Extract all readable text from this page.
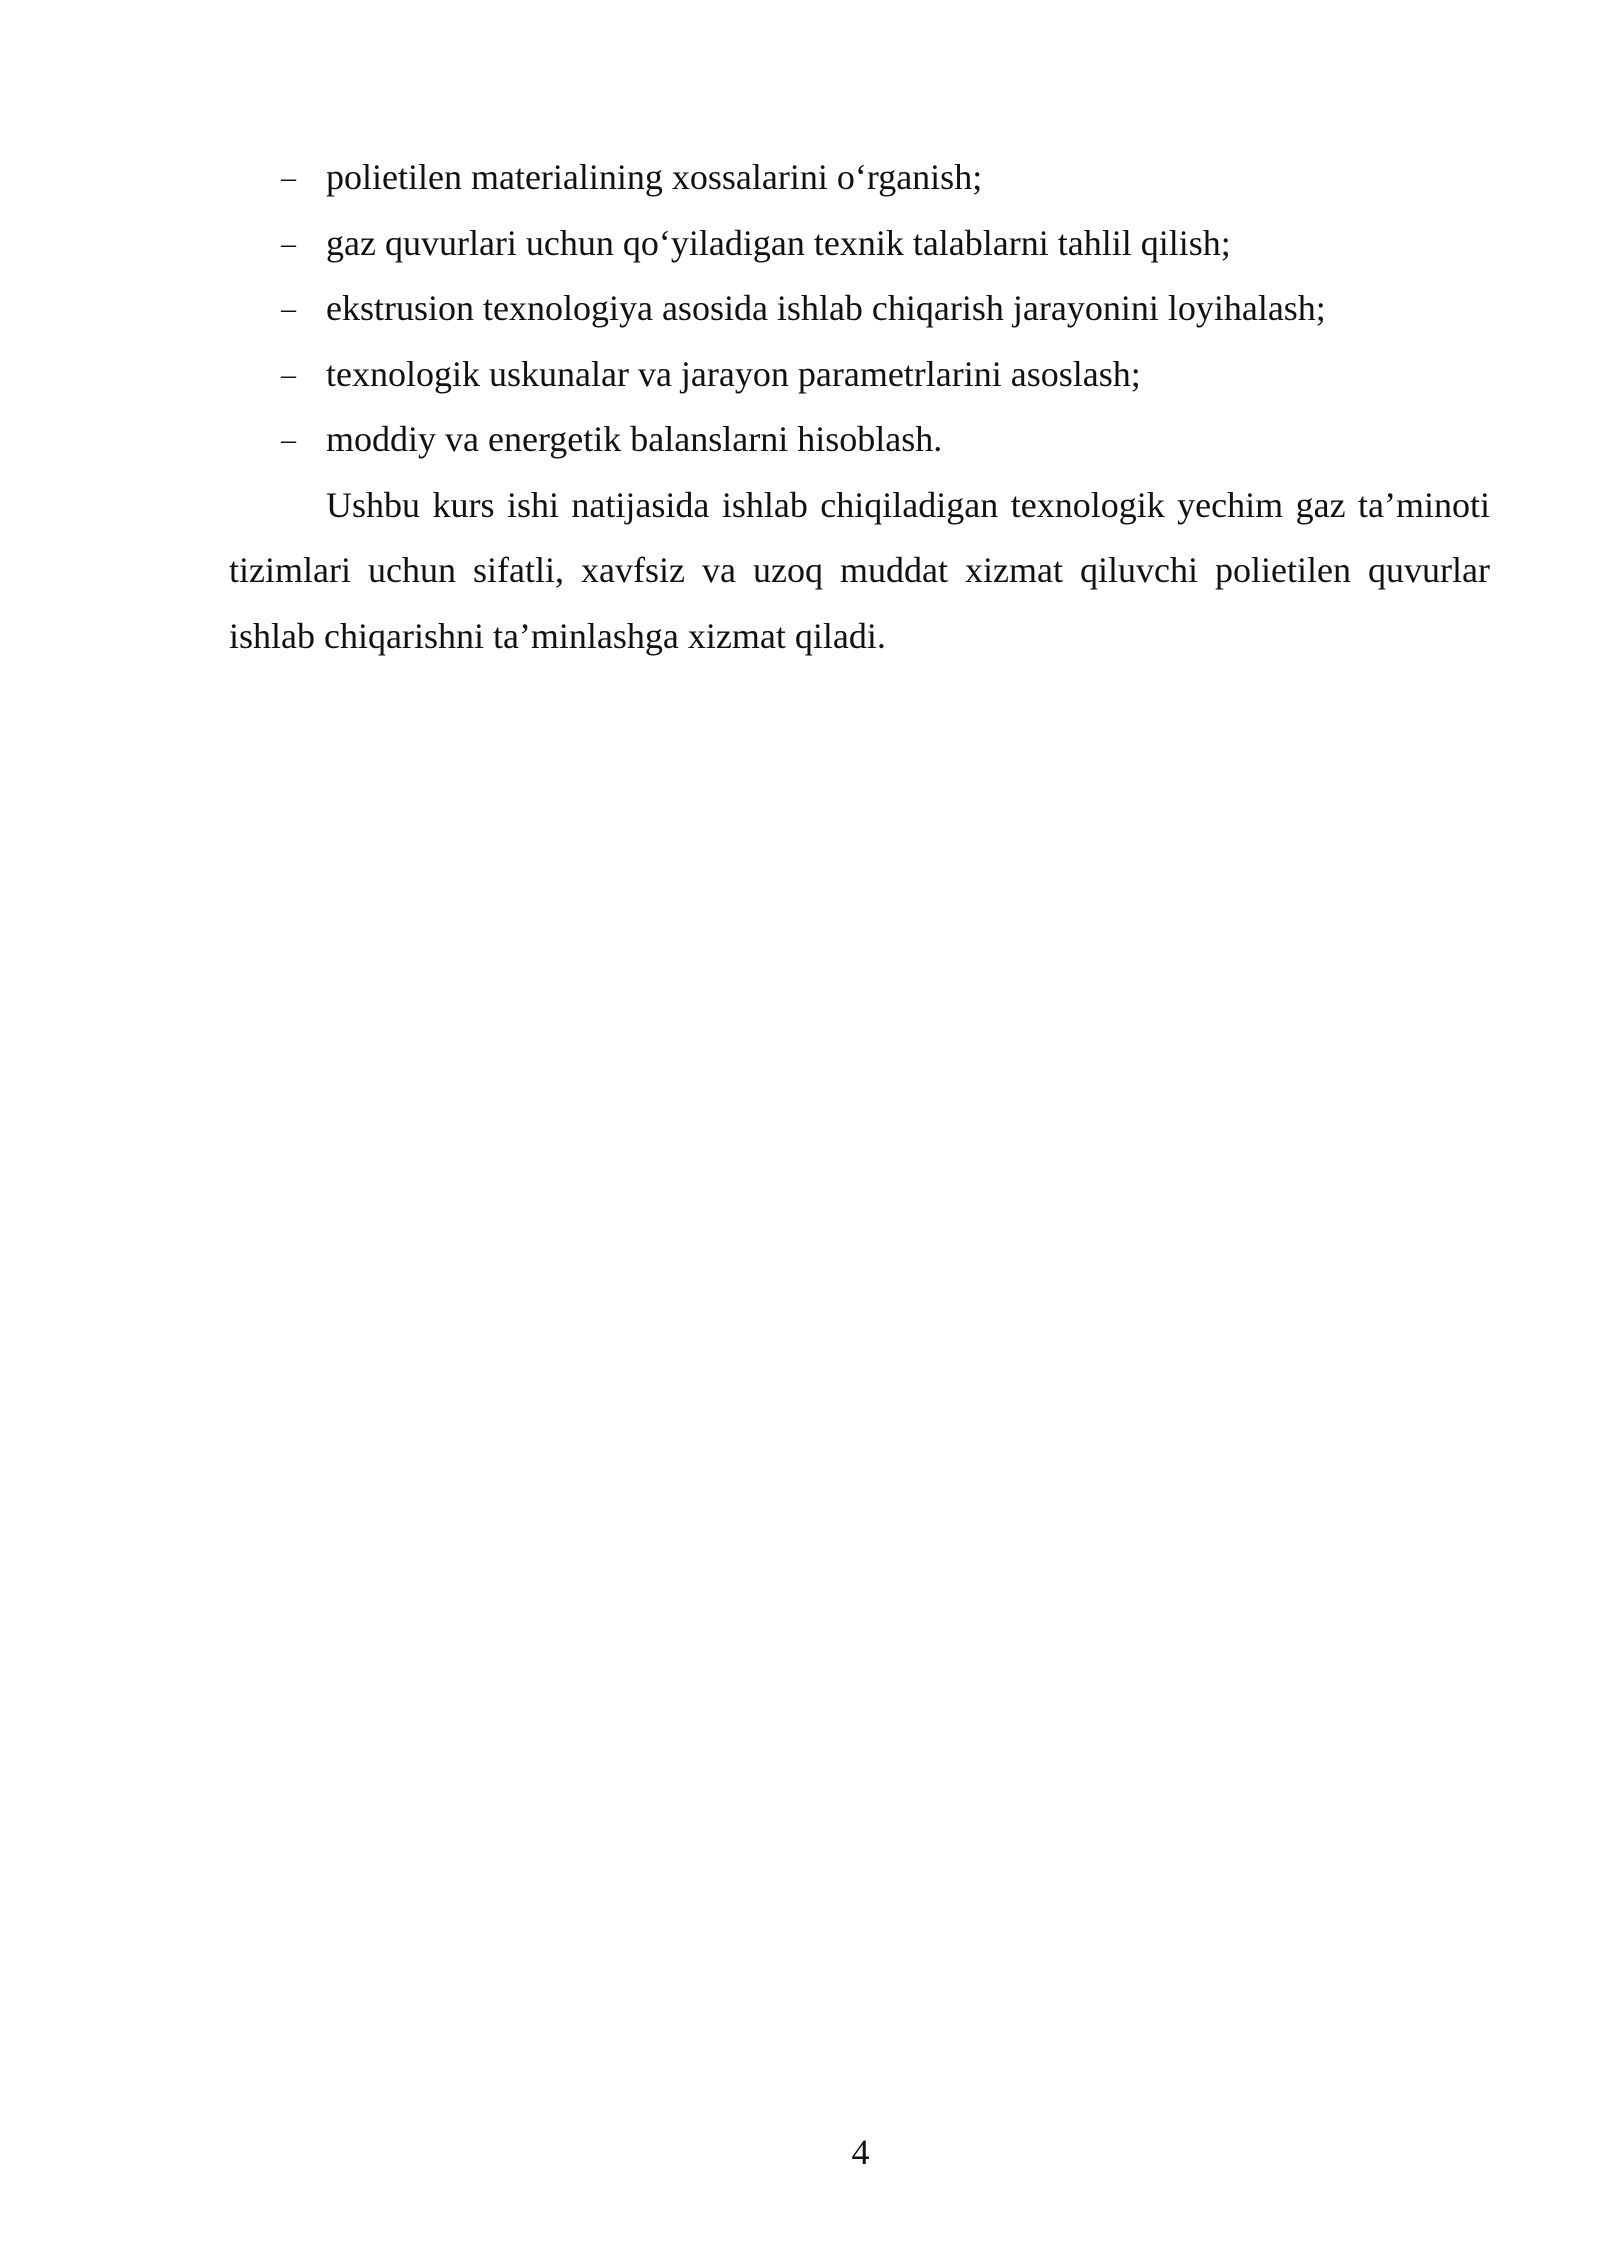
– polietilen materialining xossalarini o‘rganish;
– gaz quvurlari uchun qo‘yiladigan texnik talablarni tahlil qilish;
– ekstrusion texnologiya asosida ishlab chiqarish jarayonini loyihalash;
– texnologik uskunalar va jarayon parametrlarini asoslash;
– moddiy va energetik balanslarni hisoblash.

Ushbu kurs ishi natijasida ishlab chiqiladigan texnologik yechim gaz ta’minoti tizimlari uchun sifatli, xavfsiz va uzoq muddat xizmat qiluvchi polietilen quvurlar ishlab chiqarishni ta’minlashga xizmat qiladi.

4
